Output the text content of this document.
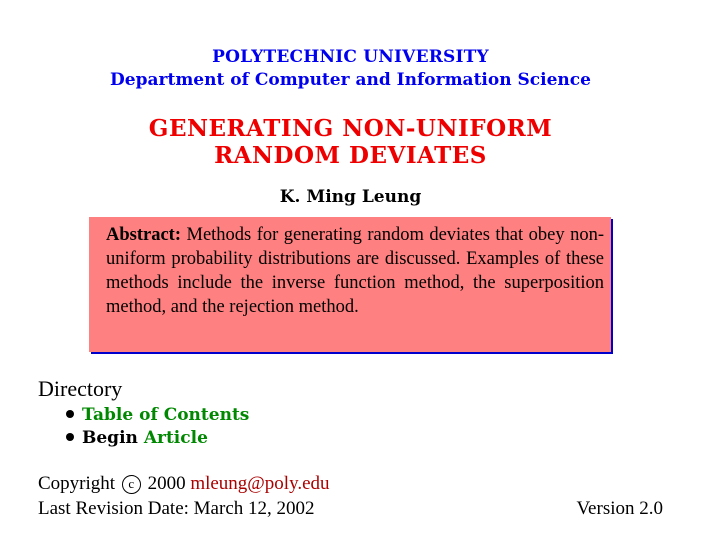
POLYTECHNIC UNIVERSITY
Department of Computer and Information Science
GENERATING NON-UNIFORM
RANDOM DEVIATES
K. Ming Leung
Abstract: Methods for generating random deviates that obey non-uniform probability distributions are discussed. Examples of these methods include the inverse function method, the superposition method, and the rejection method.
Directory
Table of Contents
Begin Article
Copyright c 2000 mleung@poly.edu
Last Revision Date: March 12, 2002	Version 2.0
